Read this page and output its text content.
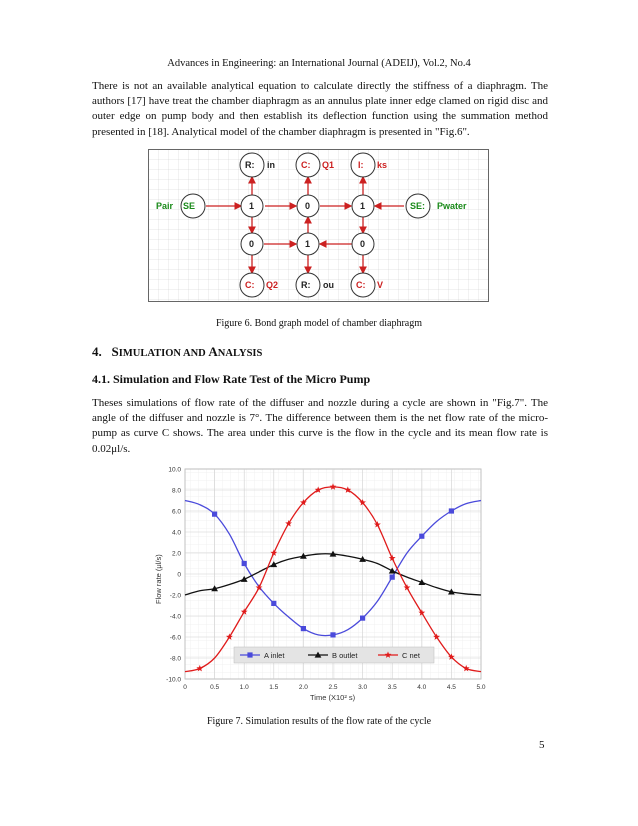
Advances in Engineering: an International Journal (ADEIJ), Vol.2, No.4
There is not an available analytical equation to calculate directly the stiffness of a diaphragm. The authors [17] have treat the chamber diaphragm as an annulus plate inner edge clamed on rigid disc and outer edge on pump body and then establish its deflection function using the summation method presented in [18]. Analytical model of the chamber diaphragm is presented in "Fig.6".
R: in	C: Q1	I: ks
Pair SE	1	0	1	SE: Pwater
0	1	0
C: Q2	R: ou C: V
Figure 6. Bond graph model of chamber diaphragm
4. SIMULATION AND ANALYSIS
4.1. Simulation and Flow Rate Test of the Micro Pump
Theses simulations of flow rate of the diffuser and nozzle during a cycle are shown in "Fig.7". The angle of the diffuser and nozzle is 7°. The difference between them is the net flow rate of the micro-pump as curve C shows. The area under this curve is the flow in the cycle and its mean flow rate is 0.02μl/s.
10.0
8.0
6.0
4.0
2.0
0
-2.0
-4.0
-6.0
-8.0
-10.0
0	0.5	1.0	1.5	2.0	2.5	3.0	3.5	4.0	4.5	5.0
Flow rate (μl/s)
Time (X10² s)
A inlet	B outlet	C net
Figure 7. Simulation results of the flow rate of the cycle
5
